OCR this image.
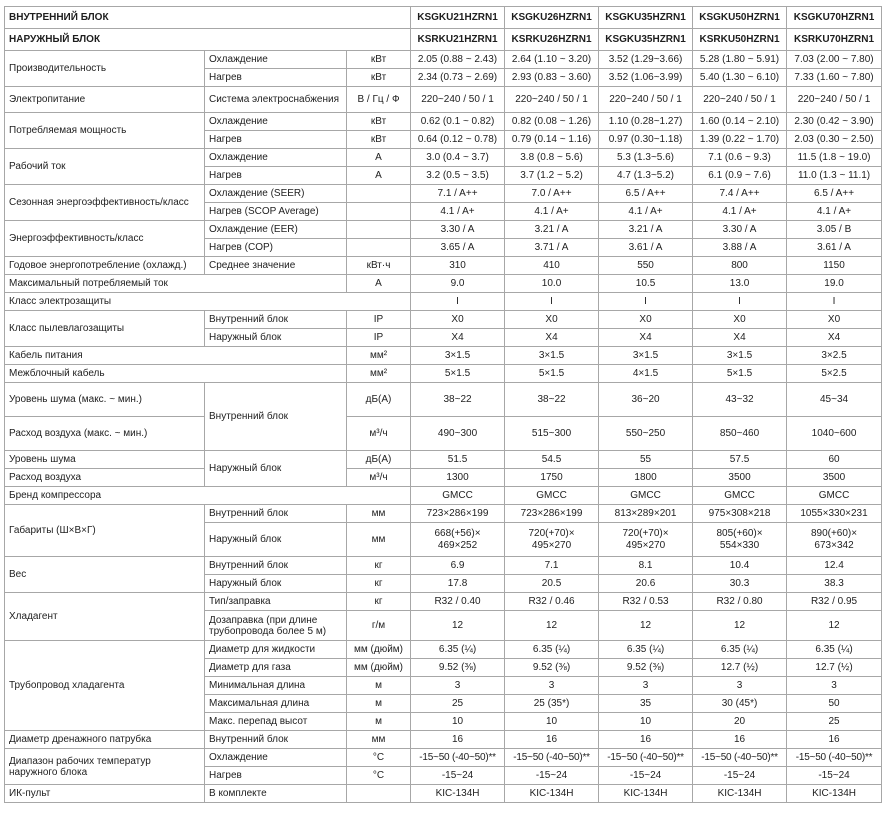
ВНУТРЕННИЙ БЛОК			KSGKU21HZRN1	KSGKU26HZRN1	KSGKU35HZRN1	KSGKU50HZRN1	KSGKU70HZRN1
НАРУЖНЫЙ БЛОК			KSRKU21HZRN1	KSRKU26HZRN1	KSGKU35HZRN1	KSRKU50HZRN1	KSRKU70HZRN1
Производительность	Охлаждение	кВт	2.05 (0.88 ~ 2.43)	2.64 (1.10 ~ 3.20)	3.52 (1.29~3.66)	5.28 (1.80 ~ 5.91)	7.03 (2.00 ~ 7.80)
	Нагрев	кВт	2.34 (0.73 ~ 2.69)	2.93 (0.83 ~ 3.60)	3.52 (1.06~3.99)	5.40 (1.30 ~ 6.10)	7.33 (1.60 ~ 7.80)
Электропитание	Система электроснабжения	В / Гц / Ф	220~240 / 50 / 1	220~240 / 50 / 1	220~240 / 50 / 1	220~240 / 50 / 1	220~240 / 50 / 1
Потребляемая мощность	Охлаждение	кВт	0.62 (0.1 ~ 0.82)	0.82 (0.08 ~ 1.26)	1.10 (0.28~1.27)	1.60 (0.14 ~ 2.10)	2.30 (0.42 ~ 3.90)
	Нагрев	кВт	0.64 (0.12 ~ 0.78)	0.79 (0.14 ~ 1.16)	0.97 (0.30~1.18)	1.39 (0.22 ~ 1.70)	2.03 (0.30 ~ 2.50)
Рабочий ток	Охлаждение	А	3.0 (0.4 ~ 3.7)	3.8 (0.8 ~ 5.6)	5.3 (1.3~5.6)	7.1 (0.6 ~ 9.3)	11.5 (1.8 ~ 19.0)
	Нагрев	А	3.2 (0.5 ~ 3.5)	3.7 (1.2 ~ 5.2)	4.7 (1.3~5.2)	6.1 (0.9 ~ 7.6)	11.0 (1.3 ~ 11.1)
Сезонная энергоэффективность/класс	Охлаждение (SEER)		7.1 / A++	7.0 / A++	6.5 / A++	7.4 / A++	6.5 / A++
	Нагрев (SCOP Average)		4.1 / A+	4.1 / A+	4.1 / A+	4.1 / A+	4.1 / A+
Энергоэффективность/класс	Охлаждение (EER)		3.30 / A	3.21 / A	3.21 / A	3.30 / A	3.05 / B
	Нагрев (COP)		3.65 / A	3.71 / A	3.61 / A	3.88 / A	3.61 / A
Годовое энергопотребление (охлажд.)	Среднее значение	кВт·ч	310	410	550	800	1150
Максимальный потребляемый ток		А	9.0	10.0	10.5	13.0	19.0
Класс электрозащиты			I	I	I	I	I
Класс пылевлагозащиты	Внутренний блок	IP	X0	X0	X0	X0	X0
	Наружный блок	IP	X4	X4	X4	X4	X4
Кабель питания		мм²	3×1.5	3×1.5	3×1.5	3×1.5	3×2.5
Межблочный кабель		мм²	5×1.5	5×1.5	4×1.5	5×1.5	5×2.5
Уровень шума (макс. ~ мин.)	Внутренний блок	дБ(А)	38~22	38~22	36~20	43~32	45~34
Расход воздуха (макс. ~ мин.)		м³/ч	490~300	515~300	550~250	850~460	1040~600
Уровень шума	Наружный блок	дБ(А)	51.5	54.5	55	57.5	60
Расход воздуха		м³/ч	1300	1750	1800	3500	3500
Бренд компрессора			GMCC	GMCC	GMCC	GMCC	GMCC
Габариты (Ш×В×Г)	Внутренний блок	мм	723×286×199	723×286×199	813×289×201	975×308×218	1055×330×231
	Наружный блок	мм	668(+56)× 469×252	720(+70)× 495×270	720(+70)× 495×270	805(+60)× 554×330	890(+60)× 673×342
Вес	Внутренний блок	кг	6.9	7.1	8.1	10.4	12.4
	Наружный блок	кг	17.8	20.5	20.6	30.3	38.3
Хладагент	Тип/заправка	кг	R32 / 0.40	R32 / 0.46	R32 / 0.53	R32 / 0.80	R32 / 0.95
	Дозаправка (при длине трубопровода более 5 м)	г/м	12	12	12	12	12
Трубопровод хладагента	Диаметр для жидкости	мм (дюйм)	6.35 (¼)	6.35 (¼)	6.35 (¼)	6.35 (¼)	6.35 (¼)
	Диаметр для газа	мм (дюйм)	9.52 (⅜)	9.52 (⅜)	9.52 (⅜)	12.7 (½)	12.7 (½)
	Минимальная длина	м	3	3	3	3	3
	Максимальная длина	м	25	25 (35*)	35	30 (45*)	50
	Макс. перепад высот	м	10	10	10	20	25
Диаметр дренажного патрубка	Внутренний блок	мм	16	16	16	16	16
Диапазон рабочих температур наружного блока	Охлаждение	°C	-15~50 (-40~50)**	-15~50 (-40~50)**	-15~50 (-40~50)**	-15~50 (-40~50)**	-15~50 (-40~50)**
	Нагрев	°C	-15~24	-15~24	-15~24	-15~24	-15~24
ИК-пульт	В комплекте		KIC-134H	KIC-134H	KIC-134H	KIC-134H	KIC-134H
